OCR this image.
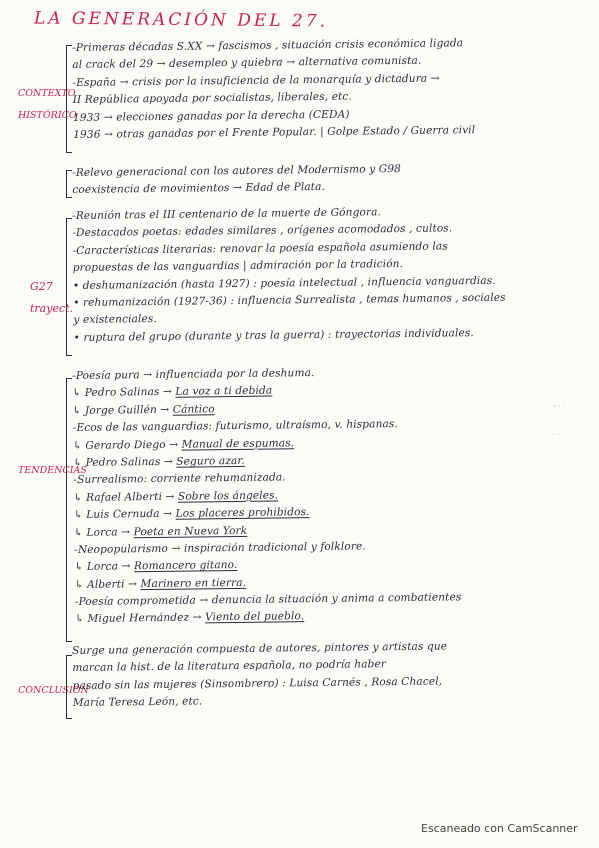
LA GENERACIÓN DEL 27.
· · · ·
· ·
CONTEXTO
HISTÓRICO
-Primeras décadas S.XX → fascismos , situación crisis económica ligada
al crack del 29 → desempleo y quiebra → alternativa comunista.
-España → crisis por la insuficiencia de la monarquía y dictadura →
II República apoyada por socialistas, liberales, etc.
1933 → elecciones ganadas por la derecha (CEDA)
1936 → otras ganadas por el Frente Popular. | Golpe Estado / Guerra civil
-Relevo generacional con los autores del Modernismo y G98
coexistencia de movimientos → Edad de Plata.
G27
trayect.
-Reunión tras el III centenario de la muerte de Góngora.
-Destacados poetas: edades similares , orígenes acomodados , cultos.
-Características literarias: renovar la poesía española asumiendo las
propuestas de las vanguardias | admiración por la tradición.
• deshumanización (hasta 1927) : poesía intelectual , influencia vanguardias.
• rehumanización (1927-36) : influencia Surrealista , temas humanos , sociales
y existenciales.
• ruptura del grupo (durante y tras la guerra) : trayectorias individuales.
TENDENCIAS
-Poesía pura → influenciada por la deshuma.
↳ Pedro Salinas → La voz a ti debida
↳ Jorge Guillén → Cántico
-Ecos de las vanguardias: futurismo, ultraísmo, v. hispanas.
↳ Gerardo Diego → Manual de espumas.
↳ Pedro Salinas → Seguro azar.
-Surrealismo: corriente rehumanizada.
↳ Rafael Alberti → Sobre los ángeles.
↳ Luis Cernuda → Los placeres prohibidos.
↳ Lorca → Poeta en Nueva York
-Neopopularismo → inspiración tradicional y folklore.
↳ Lorca → Romancero gitano.
↳ Alberti → Marinero en tierra.
-Poesía comprometida → denuncia la situación y anima a combatientes
↳ Miguel Hernández → Viento del pueblo.
CONCLUSIÓN
Surge una generación compuesta de autores, pintores y artistas que
marcan la hist. de la literatura española, no podría haber
pasado sin las mujeres (Sinsombrero) : Luisa Carnés , Rosa Chacel,
María Teresa León, etc.
Escaneado con CamScanner
